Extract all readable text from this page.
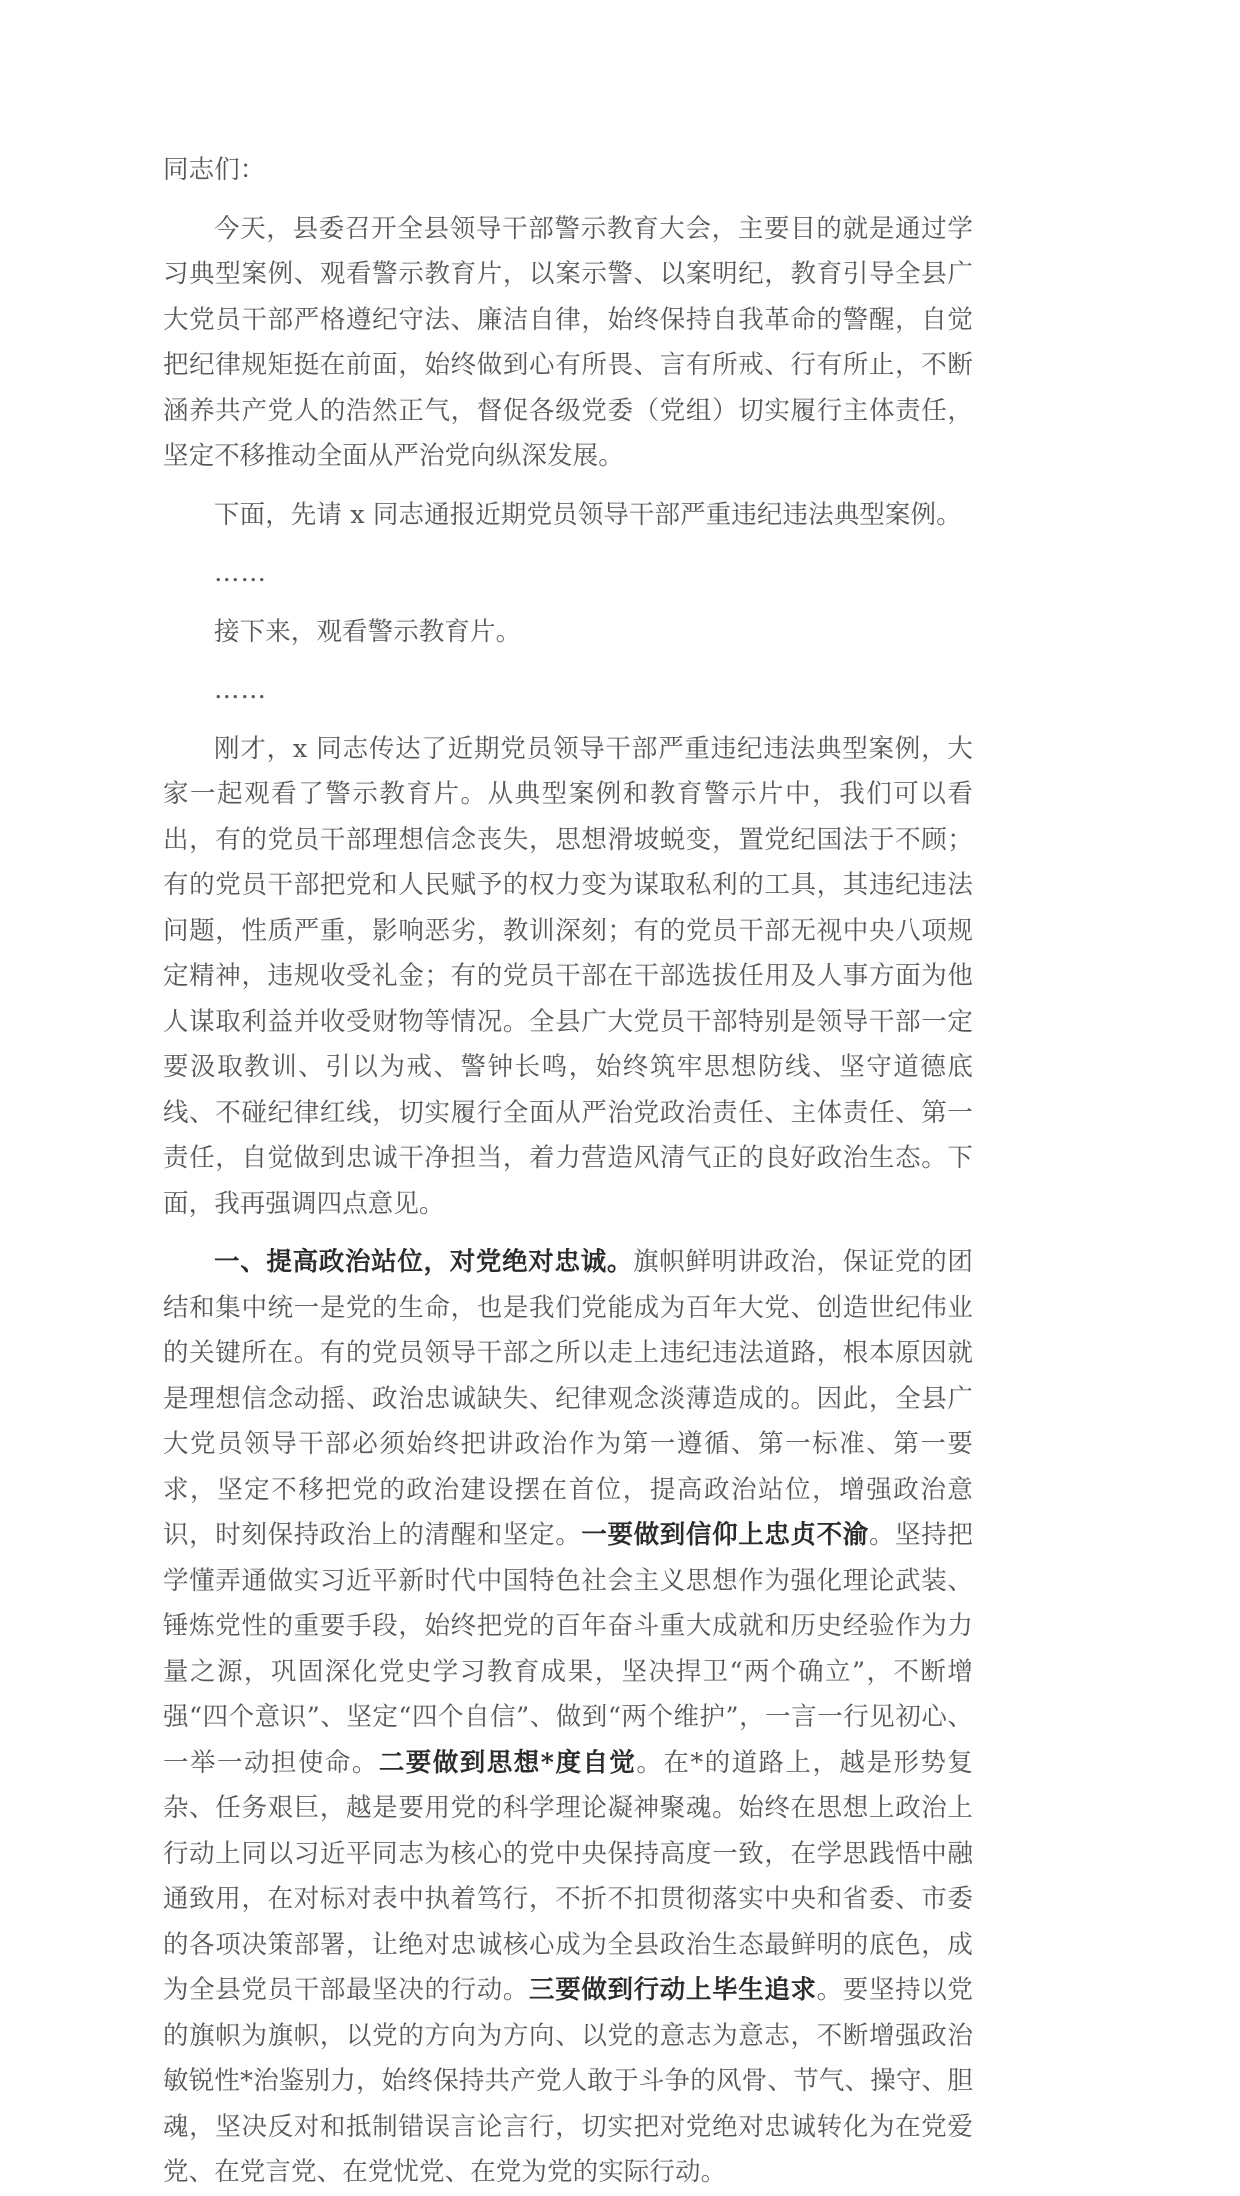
同志们：

今天，县委召开全县领导干部警示教育大会，主要目的就是通过学习典型案例、观看警示教育片，以案示警、以案明纪，教育引导全县广大党员干部严格遵纪守法、廉洁自律，始终保持自我革命的警醒，自觉把纪律规矩挺在前面，始终做到心有所畏、言有所戒、行有所止，不断涵养共产党人的浩然正气，督促各级党委（党组）切实履行主体责任，坚定不移推动全面从严治党向纵深发展。

下面，先请 x 同志通报近期党员领导干部严重违纪违法典型案例。

……

接下来，观看警示教育片。

……

刚才，x 同志传达了近期党员领导干部严重违纪违法典型案例，大家一起观看了警示教育片。从典型案例和教育警示片中，我们可以看出，有的党员干部理想信念丧失，思想滑坡蜕变，置党纪国法于不顾；有的党员干部把党和人民赋予的权力变为谋取私利的工具，其违纪违法问题，性质严重，影响恶劣，教训深刻；有的党员干部无视中央八项规定精神，违规收受礼金；有的党员干部在干部选拔任用及人事方面为他人谋取利益并收受财物等情况。全县广大党员干部特别是领导干部一定要汲取教训、引以为戒、警钟长鸣，始终筑牢思想防线、坚守道德底线、不碰纪律红线，切实履行全面从严治党政治责任、主体责任、第一责任，自觉做到忠诚干净担当，着力营造风清气正的良好政治生态。下面，我再强调四点意见。

一、提高政治站位，对党绝对忠诚。旗帜鲜明讲政治，保证党的团结和集中统一是党的生命，也是我们党能成为百年大党、创造世纪伟业的关键所在。有的党员领导干部之所以走上违纪违法道路，根本原因就是理想信念动摇、政治忠诚缺失、纪律观念淡薄造成的。因此，全县广大党员领导干部必须始终把讲政治作为第一遵循、第一标准、第一要求，坚定不移把党的政治建设摆在首位，提高政治站位，增强政治意识，时刻保持政治上的清醒和坚定。一要做到信仰上忠贞不渝。坚持把学懂弄通做实习近平新时代中国特色社会主义思想作为强化理论武装、锤炼党性的重要手段，始终把党的百年奋斗重大成就和历史经验作为力量之源，巩固深化党史学习教育成果，坚决捍卫“两个确立”，不断增强“四个意识”、坚定“四个自信”、做到“两个维护”，一言一行见初心、一举一动担使命。二要做到思想*度自觉。在*的道路上，越是形势复杂、任务艰巨，越是要用党的科学理论凝神聚魂。始终在思想上政治上行动上同以习近平同志为核心的党中央保持高度一致，在学思践悟中融通致用，在对标对表中执着笃行，不折不扣贯彻落实中央和省委、市委的各项决策部署，让绝对忠诚核心成为全县政治生态最鲜明的底色，成为全县党员干部最坚决的行动。三要做到行动上毕生追求。要坚持以党的旗帜为旗帜，以党的方向为方向、以党的意志为意志，不断增强政治敏锐性*治鉴别力，始终保持共产党人敢于斗争的风骨、节气、操守、胆魂，坚决反对和抵制错误言论言行，切实把对党绝对忠诚转化为在党爱党、在党言党、在党忧党、在党为党的实际行动。
